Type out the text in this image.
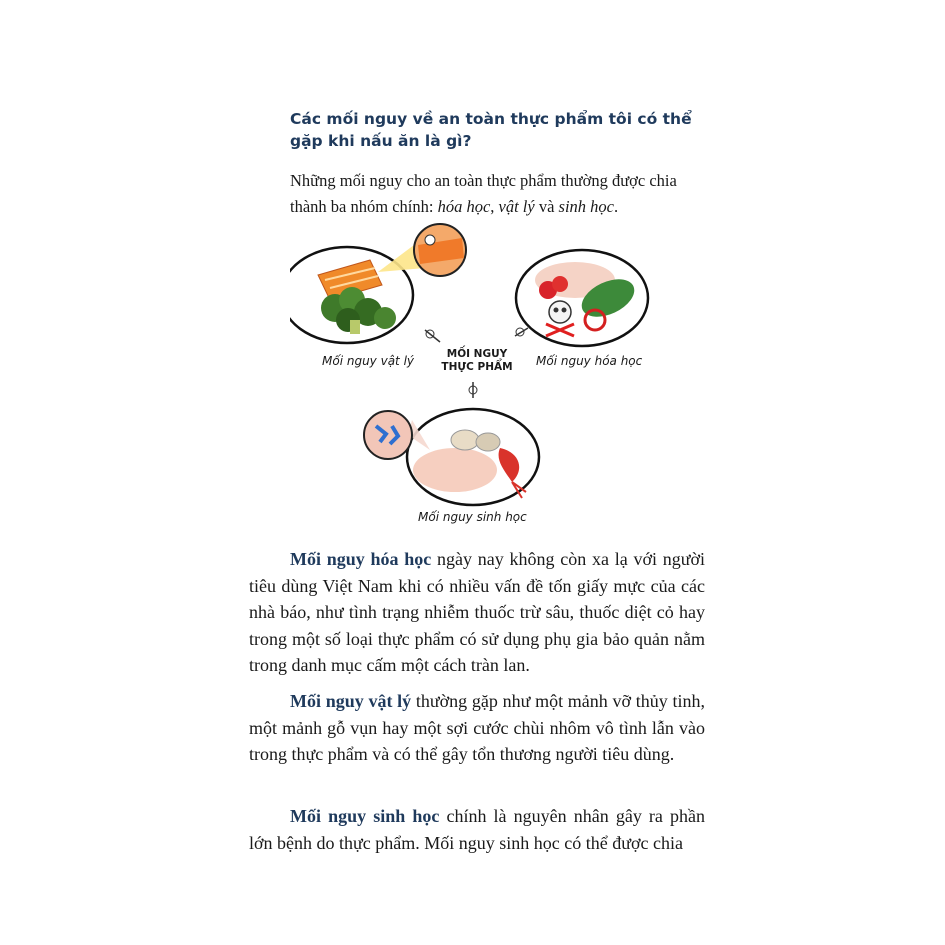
Các mối nguy về an toàn thực phẩm tôi có thể gặp khi nấu ăn là gì?
Những mối nguy cho an toàn thực phẩm thường được chia thành ba nhóm chính: hóa học, vật lý và sinh học.
Mối nguy vật lý	MỐI NGUY
THỰC PHẨM	Mối nguy hóa học
Mối nguy sinh học
Mối nguy hóa học ngày nay không còn xa lạ với người tiêu dùng Việt Nam khi có nhiều vấn đề tốn giấy mực của các nhà báo, như tình trạng nhiễm thuốc trừ sâu, thuốc diệt cỏ hay trong một số loại thực phẩm có sử dụng phụ gia bảo quản nằm trong danh mục cấm một cách tràn lan.
Mối nguy vật lý thường gặp như một mảnh vỡ thủy tinh, một mảnh gỗ vụn hay một sợi cước chùi nhôm vô tình lẫn vào trong thực phẩm và có thể gây tổn thương người tiêu dùng.
Mối nguy sinh học chính là nguyên nhân gây ra phần lớn bệnh do thực phẩm. Mối nguy sinh học có thể được chia
